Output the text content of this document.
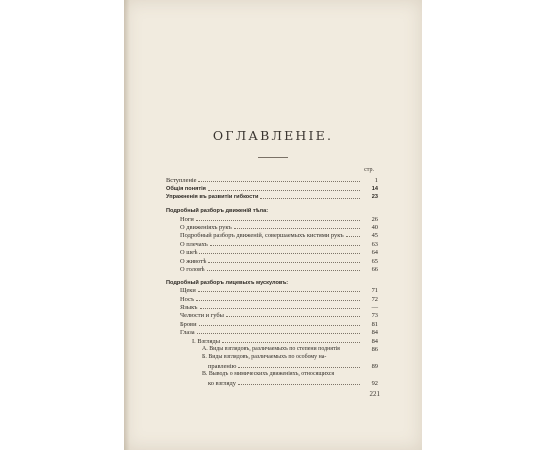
ОГЛАВЛЕНІЕ.
стр.
Вступленіе	1
Общія понятія	14
Упражненія въ развитіи гибкости	23
Подробный разборъ движеній тѣла:
Ноги	26
О движеніяхъ рукъ	40
Подробный разборъ движеній, совершаемыхъ кистями рукъ	45
О плечахъ	63
О шеѣ	64
О животѣ	65
О головѣ	66
Подробный разборъ лицевыхъ мускуловъ:
Щеки	71
Носъ	72
Языкъ	—
Челюсти и губы	73
Брови	81
Глаза	84
I. Взгляды	84
А. Виды взглядовъ, различаемыхъ по степени поднятія	86
Б. Виды взглядовъ, различаемыхъ по особому на-
правленію	89
В. Выводъ о мимическихъ движеніяхъ, относящихся
ко взгляду	92
221
